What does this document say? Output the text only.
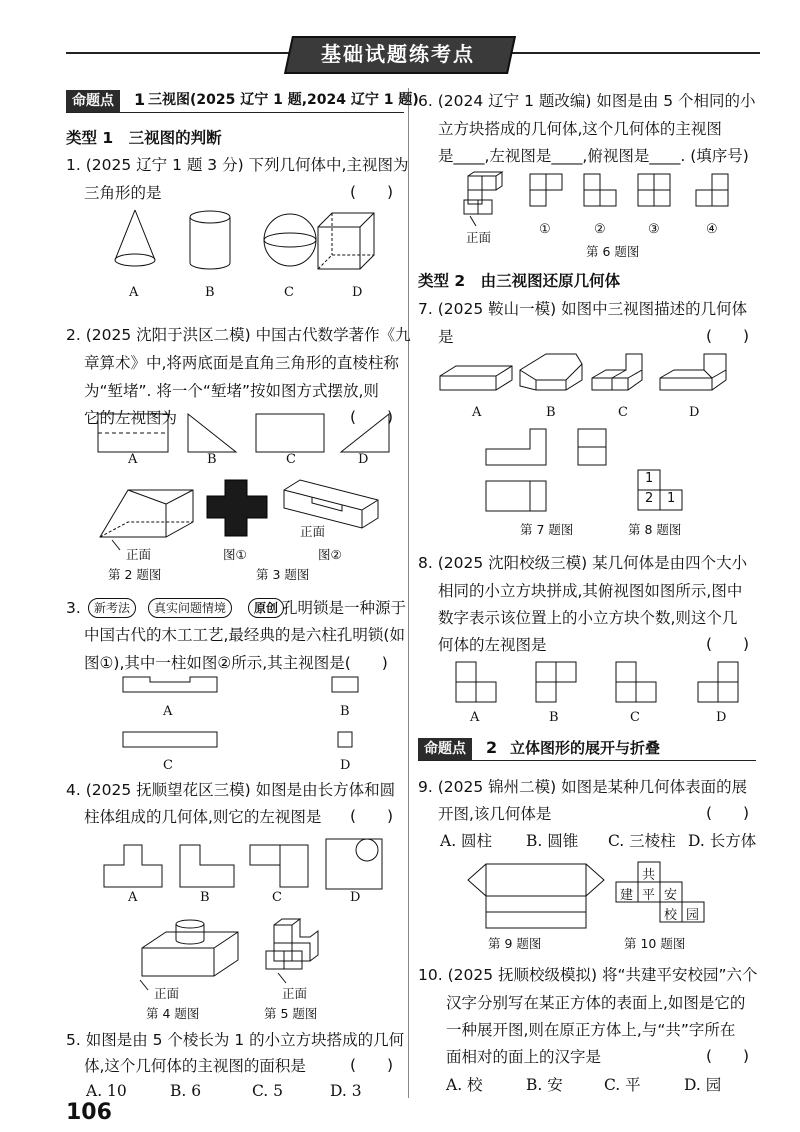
基础试题练考点
命题点	1 三视图(2025 辽宁 1 题,2024 辽宁 1 题)
类型 1　三视图的判断
1. (2025 辽宁 1 题 3 分) 下列几何体中,主视图为
三角形的是	(　　)
A	B	C	D
2. (2025 沈阳于洪区二模) 中国古代数学著作《九
章算术》中,将两底面是直角三角形的直棱柱称
为“堑堵”. 将一个“堑堵”按如图方式摆放,则
它的左视图为	(　　)
A	B	C	D
正面
第 2 题图
图①
正面
图②
第 3 题图
3.	新考法	真实问题情境	原创 孔明锁是一种源于
中国古代的木工工艺,最经典的是六柱孔明锁(如
图①),其中一柱如图②所示,其主视图是(　　)
A	B
C	D
4. (2025 抚顺望花区三模) 如图是由长方体和圆
柱体组成的几何体,则它的左视图是 (　　)
A	B	C	D
正面
第 4 题图
正面
第 5 题图
5. 如图是由 5 个棱长为 1 的小立方块搭成的几何
体,这个几何体的主视图的面积是	(　　)
A. 10	B. 6	C. 5	D. 3
106
6. (2024 辽宁 1 题改编) 如图是由 5 个相同的小
立方块搭成的几何体,这个几何体的主视图
是____,左视图是____,俯视图是____. (填序号)
正面
①	②	③	④
第 6 题图
类型 2　由三视图还原几何体
7. (2025 鞍山一模) 如图中三视图描述的几何体
是	(　　)
A	B	C	D
第 7 题图
1
2 1
第 8 题图
8. (2025 沈阳校级三模) 某几何体是由四个大小
相同的小立方块拼成,其俯视图如图所示,图中
数字表示该位置上的小立方块个数,则这个几
何体的左视图是	(　　)
A	B	C	D
命题点	2 立体图形的展开与折叠
9. (2025 锦州二模) 如图是某种几何体表面的展
开图,该几何体是	(　　)
A. 圆柱 B. 圆锥 C. 三棱柱 D. 长方体
第 9 题图
共
建 平 安
校 园
第 10 题图
10. (2025 抚顺校级模拟) 将“共建平安校园”六个
汉字分别写在某正方体的表面上,如图是它的
一种展开图,则在原正方体上,与“共”字所在
面相对的面上的汉字是	(　　)
A. 校	B. 安	C. 平	D. 园
